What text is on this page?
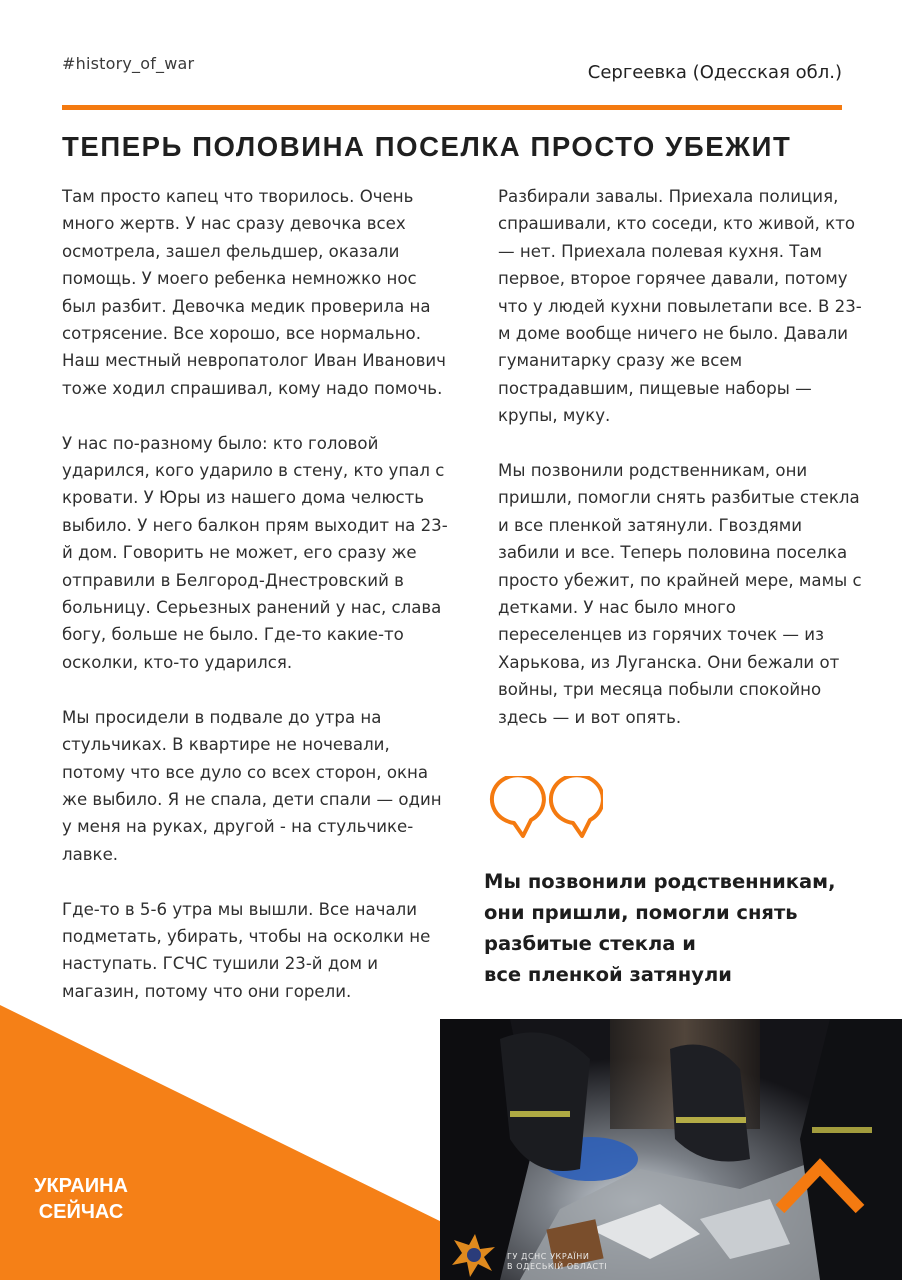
#history_of_war	Сергеевка (Одесская обл.)
ТЕПЕРЬ ПОЛОВИНА ПОСЕЛКА ПРОСТО УБЕЖИТ

Там просто капец что творилось. Очень много жертв. У нас сразу девочка всех осмотрела, зашел фельдшер, оказали помощь. У моего ребенка немножко нос был разбит. Девочка медик проверила на сотрясение. Все хорошо, все нормально. Наш местный невропатолог Иван Иванович тоже ходил спрашивал, кому надо помочь.

У нас по-разному было: кто головой ударился, кого ударило в стену, кто упал с кровати. У Юры из нашего дома челюсть выбило. У него балкон прям выходит на 23-й дом. Говорить не может, его сразу же отправили в Белгород-Днестровский в больницу. Серьезных ранений у нас, слава богу, больше не было. Где-то какие-то осколки, кто-то ударился.

Мы просидели в подвале до утра на стульчиках. В квартире не ночевали, потому что все дуло со всех сторон, окна же выбило. Я не спала, дети спали — один у меня на руках, другой - на стульчике-лавке.

Где-то в 5-6 утра мы вышли. Все начали подметать, убирать, чтобы на осколки не наступать. ГСЧС тушили 23-й дом и магазин, потому что они горели.

Разбирали завалы. Приехала полиция, спрашивали, кто соседи, кто живой, кто — нет. Приехала полевая кухня. Там первое, второе горячее давали, потому что у людей кухни повылетапи все. В 23-м доме вообще ничего не было. Давали гуманитарку сразу же всем пострадавшим, пищевые наборы — крупы, муку.

Мы позвонили родственникам, они пришли, помогли снять разбитые стекла и все пленкой затянули. Гвоздями забили и все. Теперь половина поселка просто убежит, по крайней мере, мамы с детками. У нас было много переселенцев из горячих точек — из Харькова, из Луганска. Они бежали от войны, три месяца побыли спокойно здесь — и вот опять.

Мы позвонили родственникам,
они пришли, помогли снять
разбитые стекла и
все пленкой затянули
УКРАИНА
СЕЙЧАС
ГУ ДСНС УКРАЇНИ
В ОДЕСЬКІЙ ОБЛАСТІ
